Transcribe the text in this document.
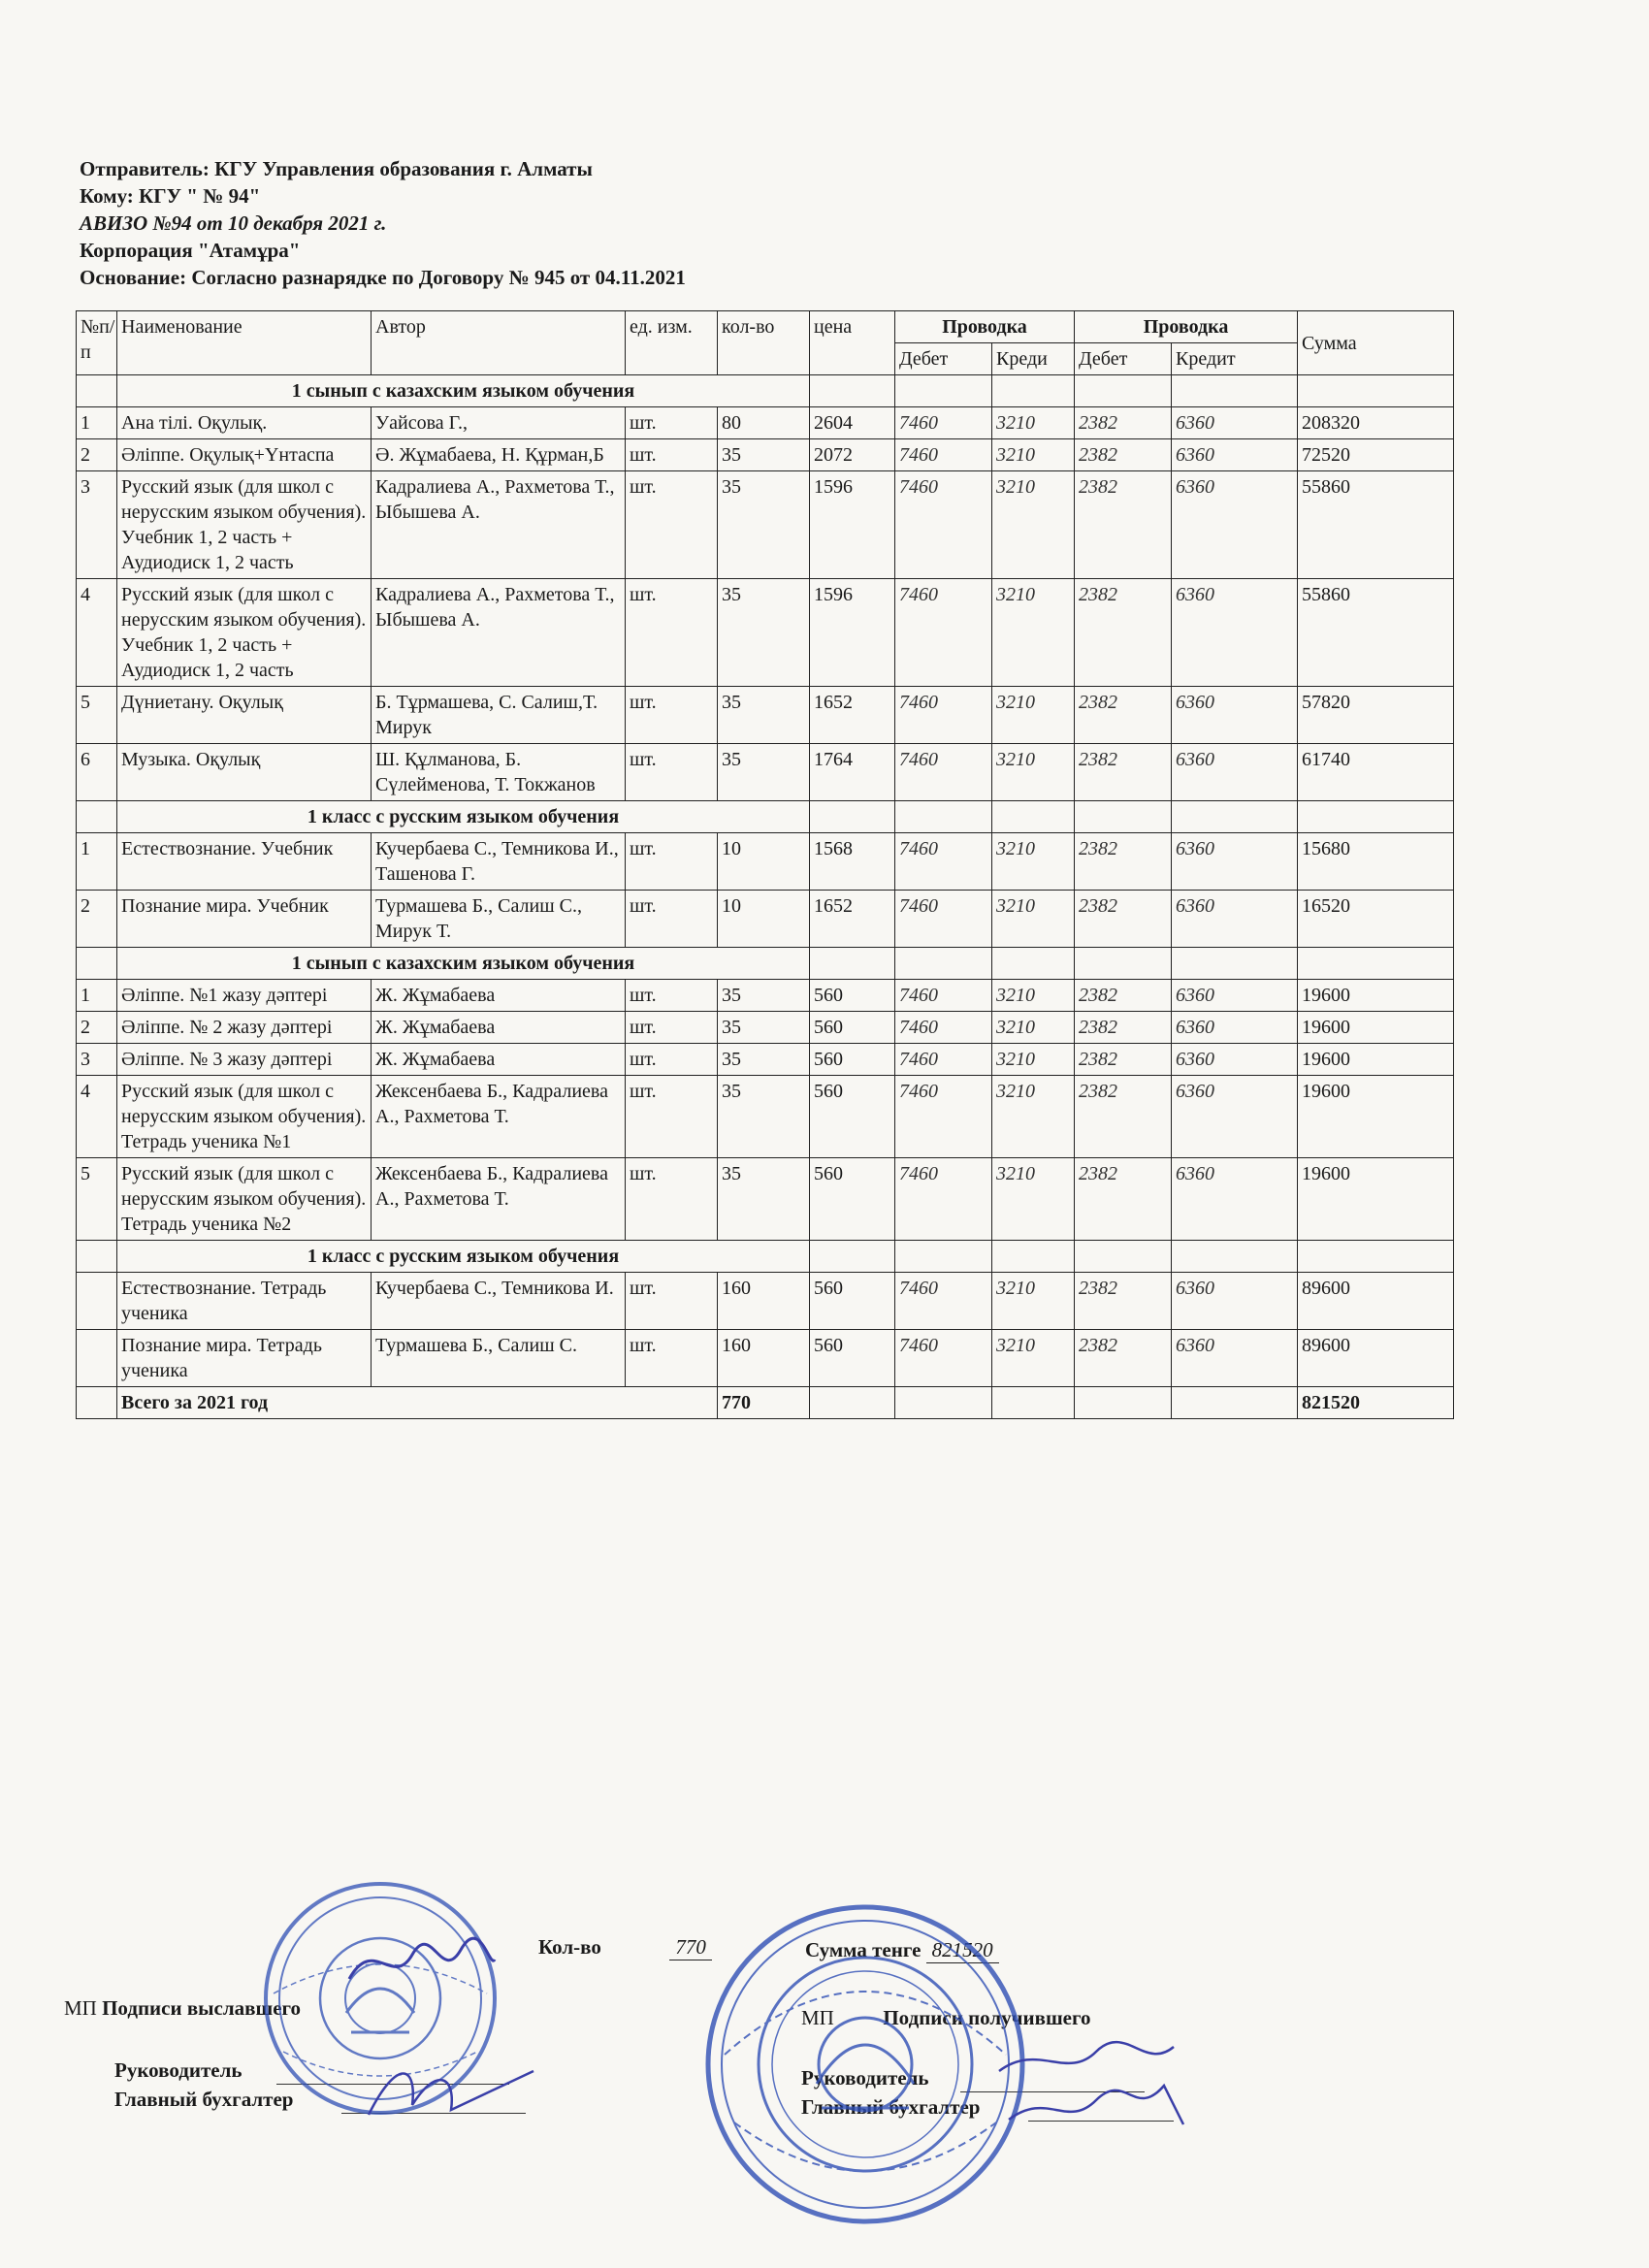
Отправитель: КГУ Управления образования г. Алматы
Кому: КГУ " № 94"
АВИЗО №94 от 10 декабря 2021 г.
Корпорация "Атамұра"
Основание: Согласно разнарядке по Договору № 945 от 04.11.2021
№п/п	Наименование	Автор	ед. изм.	кол-во	цена	Проводка		Проводка		Сумма
						Дебет	Креди	Дебет	Кредит	
	1 сынып с казахским языком обучения									
1	Ана тілі. Оқулық.	Уайсова Г.,	шт.	80	2604	7460	3210	2382	6360	208320
2	Әліппе. Оқулық+Үнтаспа	Ә. Жұмабаева, Н. Құрман,Б	шт.	35	2072	7460	3210	2382	6360	72520
3	Русский язык (для школ с нерусским языком обучения). Учебник 1, 2 часть + Аудиодиск 1, 2 часть	Кадралиева А., Рахметова Т., Ыбышева А.	шт.	35	1596	7460	3210	2382	6360	55860
4	Русский язык (для школ с нерусским языком обучения). Учебник 1, 2 часть + Аудиодиск 1, 2 часть	Кадралиева А., Рахметова Т., Ыбышева А.	шт.	35	1596	7460	3210	2382	6360	55860
5	Дүниетану. Оқулық	Б. Тұрмашева, С. Салиш,Т. Мирук	шт.	35	1652	7460	3210	2382	6360	57820
6	Музыка. Оқулық	Ш. Құлманова, Б. Сүлейменова, Т. Токжанов	шт.	35	1764	7460	3210	2382	6360	61740
	1 класс с русским языком обучения									
1	Естествознание. Учебник	Кучербаева С., Темникова И., Ташенова Г.	шт.	10	1568	7460	3210	2382	6360	15680
2	Познание мира. Учебник	Турмашева Б., Салиш С., Мирук Т.	шт.	10	1652	7460	3210	2382	6360	16520
	1 сынып с казахским языком обучения									
1	Әліппе. №1 жазу дәптері	Ж. Жұмабаева	шт.	35	560	7460	3210	2382	6360	19600
2	Әліппе. № 2 жазу дәптері	Ж. Жұмабаева	шт.	35	560	7460	3210	2382	6360	19600
3	Әліппе. № 3 жазу дәптері	Ж. Жұмабаева	шт.	35	560	7460	3210	2382	6360	19600
4	Русский язык (для школ с нерусским языком обучения). Тетрадь ученика №1	Жексенбаева Б., Кадралиева А., Рахметова Т.	шт.	35	560	7460	3210	2382	6360	19600
5	Русский язык (для школ с нерусским языком обучения). Тетрадь ученика №2	Жексенбаева Б., Кадралиева А., Рахметова Т.	шт.	35	560	7460	3210	2382	6360	19600
	1 класс с русским языком обучения									
	Естествознание. Тетрадь ученика	Кучербаева С., Темникова И.	шт.	160	560	7460	3210	2382	6360	89600
	Познание мира. Тетрадь ученика	Турмашева Б., Салиш С.	шт.	160	560	7460	3210	2382	6360	89600
	Всего за 2021 год			770						821520
Кол-во	770	Сумма тенге 821520
МП Подписи выславшего
Руководитель
Главный бухгалтер
МП Подписи получившего
Руководитель
Главный бухгалтер
